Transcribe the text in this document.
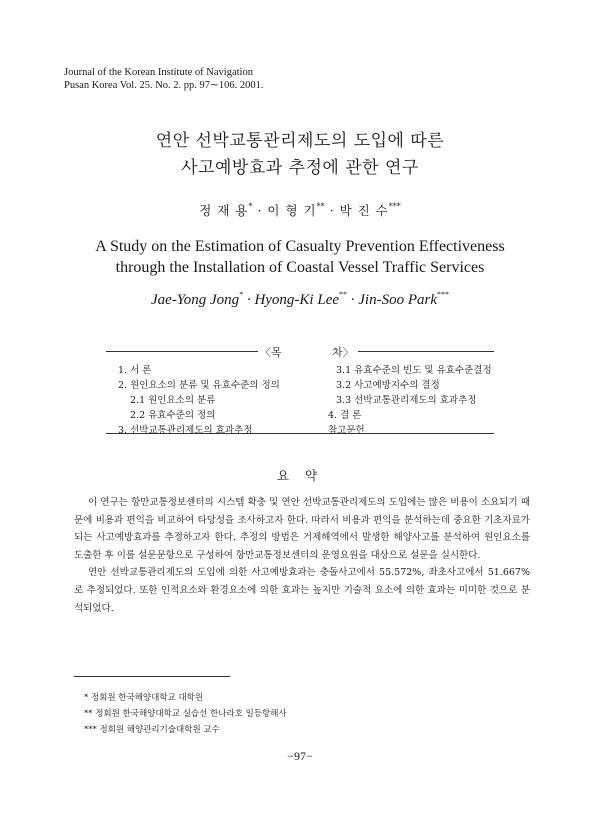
Journal of the Korean Institute of Navigation
Pusan Korea Vol. 25. No. 2. pp. 97∼106. 2001.
연안 선박교통관리제도의 도입에 따른
사고예방효과 추정에 관한 연구
정 재 용* · 이 형 기** · 박 진 수***
A Study on the Estimation of Casualty Prevention Effectiveness
through the Installation of Coastal Vessel Traffic Services
Jae-Yong Jong* · Hyong-Ki Lee** · Jin-Soo Park***
〈목	차〉
1. 서 론
2. 원인요소의 분류 및 유효수준의 정의
2.1 원인요소의 분류
2.2 유효수준의 정의
3. 선박교통관리제도의 효과추정
3.1 유효수준의 빈도 및 유효수준결정
3.2 사고예방지수의 결정
3.3 선박교통관리제도의 효과추정
4. 결 론
참고문헌
요 약

이 연구는 항만교통정보센터의 시스템 확충 및 연안 선박교통관리제도의 도입에는 많은 비용이 소요되기 때문에 비용과 편익을 비교하여 타당성을 조사하고자 한다. 따라서 비용과 편익을 분석하는데 중요한 기초자료가 되는 사고예방효과를 추정하고자 한다. 추정의 방법은 거제해역에서 발생한 해양사고를 분석하여 원인요소를 도출한 후 이를 설문문항으로 구성하여 항만교통정보센터의 운영요원을 대상으로 설문을 실시한다.

연안 선박교통관리제도의 도입에 의한 사고예방효과는 충돌사고에서 55.572%, 좌초사고에서 51.667%로 추정되었다. 또한 인적요소와 환경요소에 의한 효과는 높지만 기술적 요소에 의한 효과는 미미한 것으로 분석되었다.

* 정회원 한국해양대학교 대학원
** 정회원 한국해양대학교 실습선 한나라호 일등항해사
*** 정회원 해양관리기술대학원 교수
−97−
